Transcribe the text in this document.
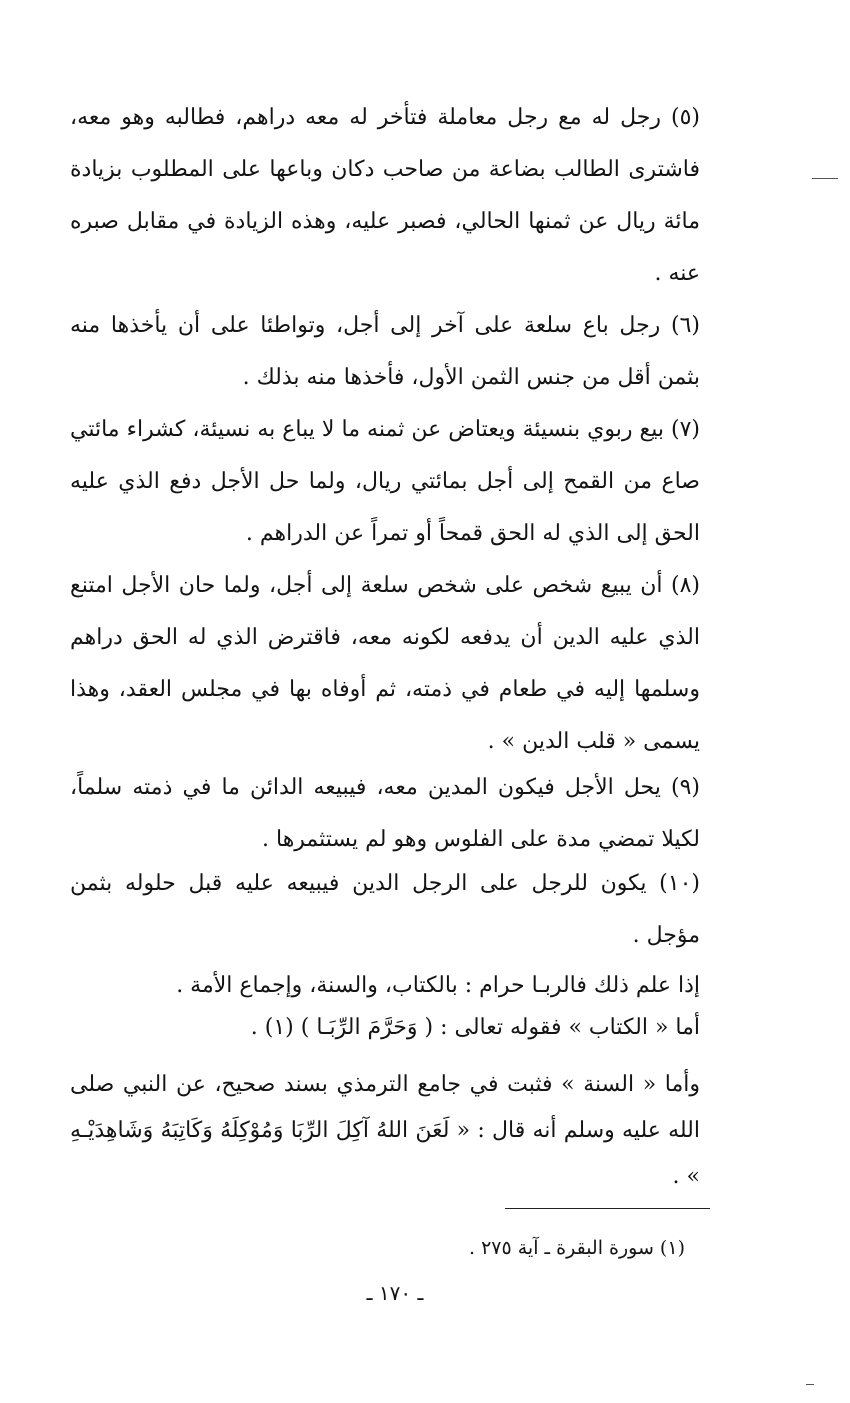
(٥) رجل له مع رجل معاملة فتأخر له معه دراهم، فطالبه وهو معه، فاشترى الطالب بضاعة من صاحب دكان وباعها على المطلوب بزيادة مائة ريال عن ثمنها الحالي، فصبر عليه، وهذه الزيادة في مقابل صبره عنه .

(٦) رجل باع سلعة على آخر إلى أجل، وتواطئا على أن يأخذها منه بثمن أقل من جنس الثمن الأول، فأخذها منه بذلك .

(٧) بيع ربوي بنسيئة ويعتاض عن ثمنه ما لا يباع به نسيئة، كشراء مائتي صاع من القمح إلى أجل بمائتي ريال، ولما حل الأجل دفع الذي عليه الحق إلى الذي له الحق قمحاً أو تمراً عن الدراهم .

(٨) أن يبيع شخص على شخص سلعة إلى أجل، ولما حان الأجل امتنع الذي عليه الدين أن يدفعه لكونه معه، فاقترض الذي له الحق دراهم وسلمها إليه في طعام في ذمته، ثم أوفاه بها في مجلس العقد، وهذا يسمى « قلب الدين » .

(٩) يحل الأجل فيكون المدين معه، فيبيعه الدائن ما في ذمته سلماً، لكيلا تمضي مدة على الفلوس وهو لم يستثمرها .

(١٠) يكون للرجل على الرجل الدين فيبيعه عليه قبل حلوله بثمن مؤجل .

إذا علم ذلك فالربـا حرام : بالكتاب، والسنة، وإجماع الأمة .

أما « الكتاب » فقوله تعالى : ( وَحَرَّمَ الرِّبَـا ) (١) .

وأما « السنة » فثبت في جامع الترمذي بسند صحيح، عن النبي صلى الله عليه وسلم أنه قال : « لَعَنَ اللهُ آكِلَ الرِّبَا وَمُوْكِلَهُ وَكَاتِبَهُ وَشَاهِدَيْـهِ » .

(١) سورة البقرة ـ آية ٢٧٥ .

ـ ١٧٠ ـ
